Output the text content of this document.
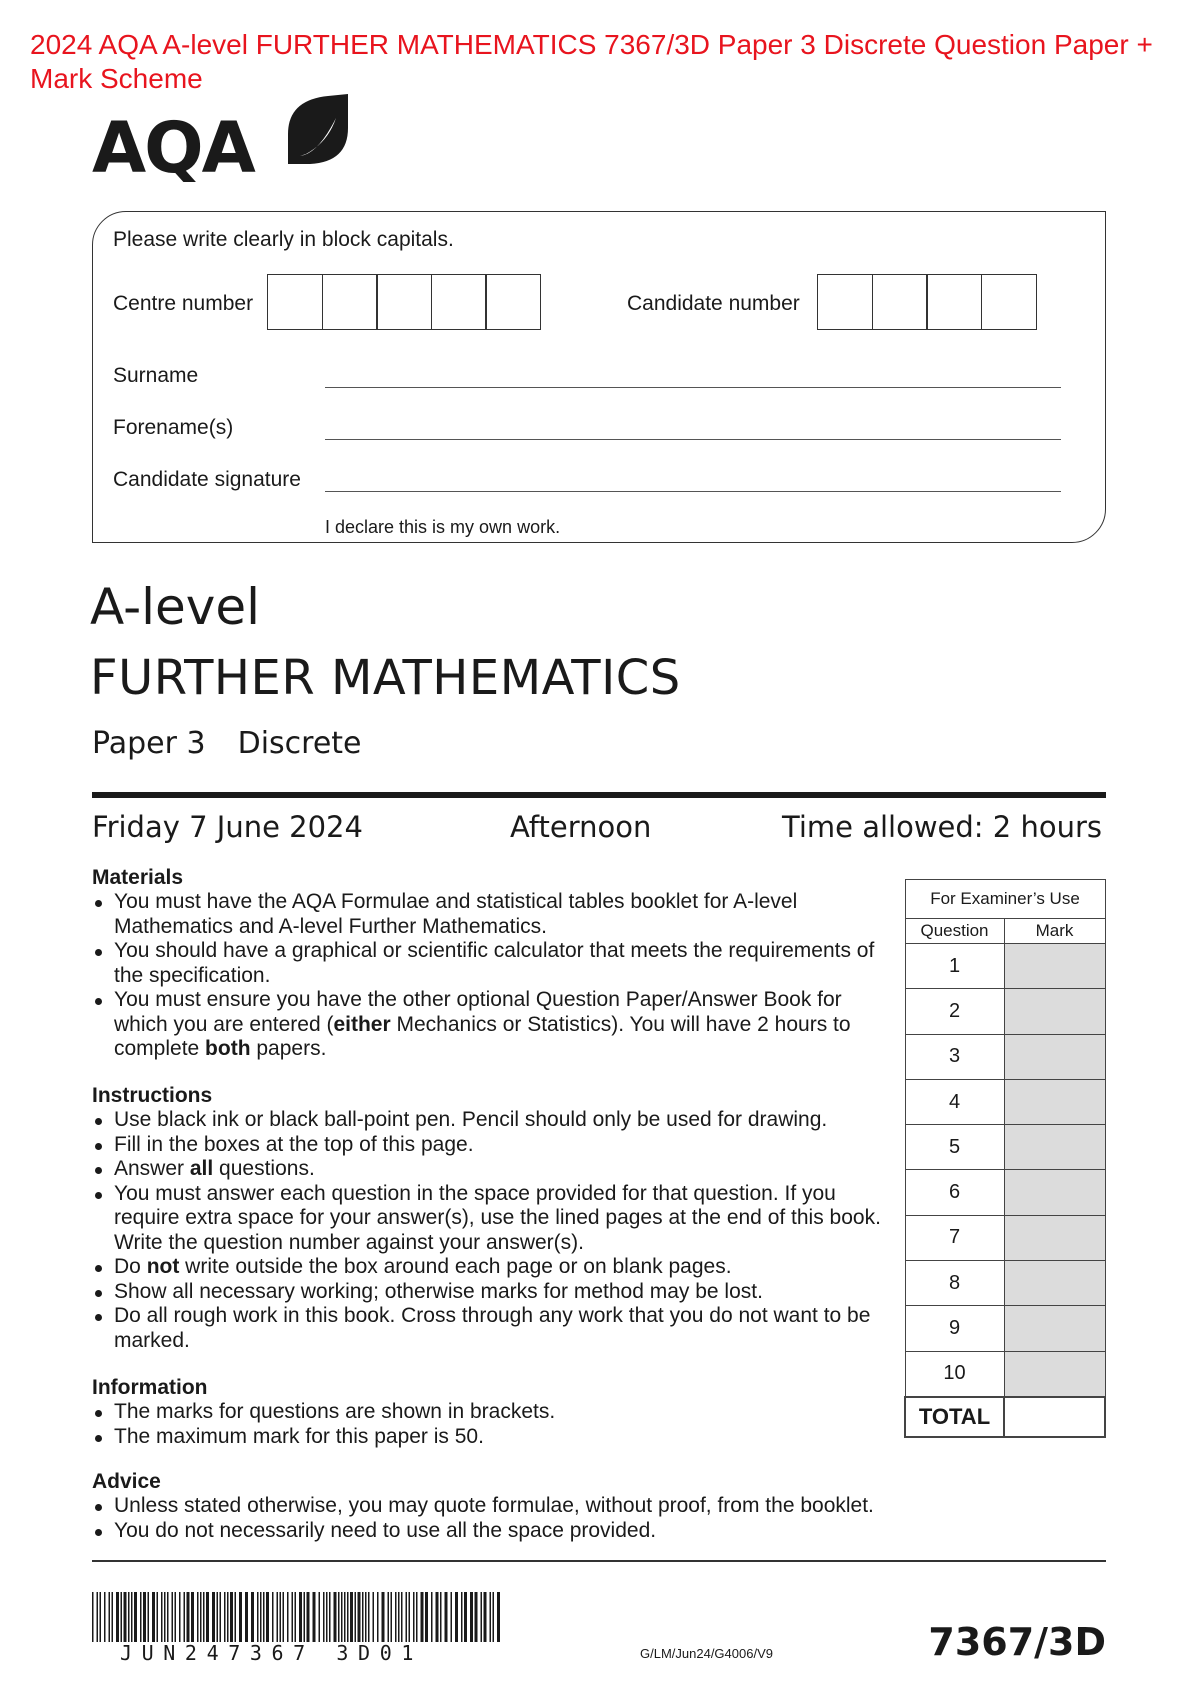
2024 AQA A-level FURTHER MATHEMATICS 7367/3D Paper 3 Discrete Question Paper + Mark Scheme
AQA
Please write clearly in block capitals.
Centre number	Candidate number
Surname
Forename(s)
Candidate signature
I declare this is my own work.
A-level
FURTHER MATHEMATICS
Paper 3 Discrete
Friday 7 June 2024	Afternoon	Time allowed: 2 hours
Materials
You must have the AQA Formulae and statistical tables booklet for A‑level Mathematics and A‑level Further Mathematics.
You should have a graphical or scientific calculator that meets the requirements of the specification.
You must ensure you have the other optional Question Paper/Answer Book for which you are entered (either Mechanics or Statistics). You will have 2 hours to complete both papers.
Instructions
Use black ink or black ball‑point pen. Pencil should only be used for drawing.
Fill in the boxes at the top of this page.
Answer all questions.
You must answer each question in the space provided for that question. If you require extra space for your answer(s), use the lined pages at the end of this book. Write the question number against your answer(s).
Do not write outside the box around each page or on blank pages.
Show all necessary working; otherwise marks for method may be lost.
Do all rough work in this book. Cross through any work that you do not want to be marked.
Information
The marks for questions are shown in brackets.
The maximum mark for this paper is 50.
Advice
Unless stated otherwise, you may quote formulae, without proof, from the booklet.
You do not necessarily need to use all the space provided.
For Examiner’s Use	
Question	Mark
1	
2	
3	
4	
5	
6	
7	
8	
9	
10	
TOTAL	
JUN247367 3D01	G/LM/Jun24/G4006/V9	7367/3D
